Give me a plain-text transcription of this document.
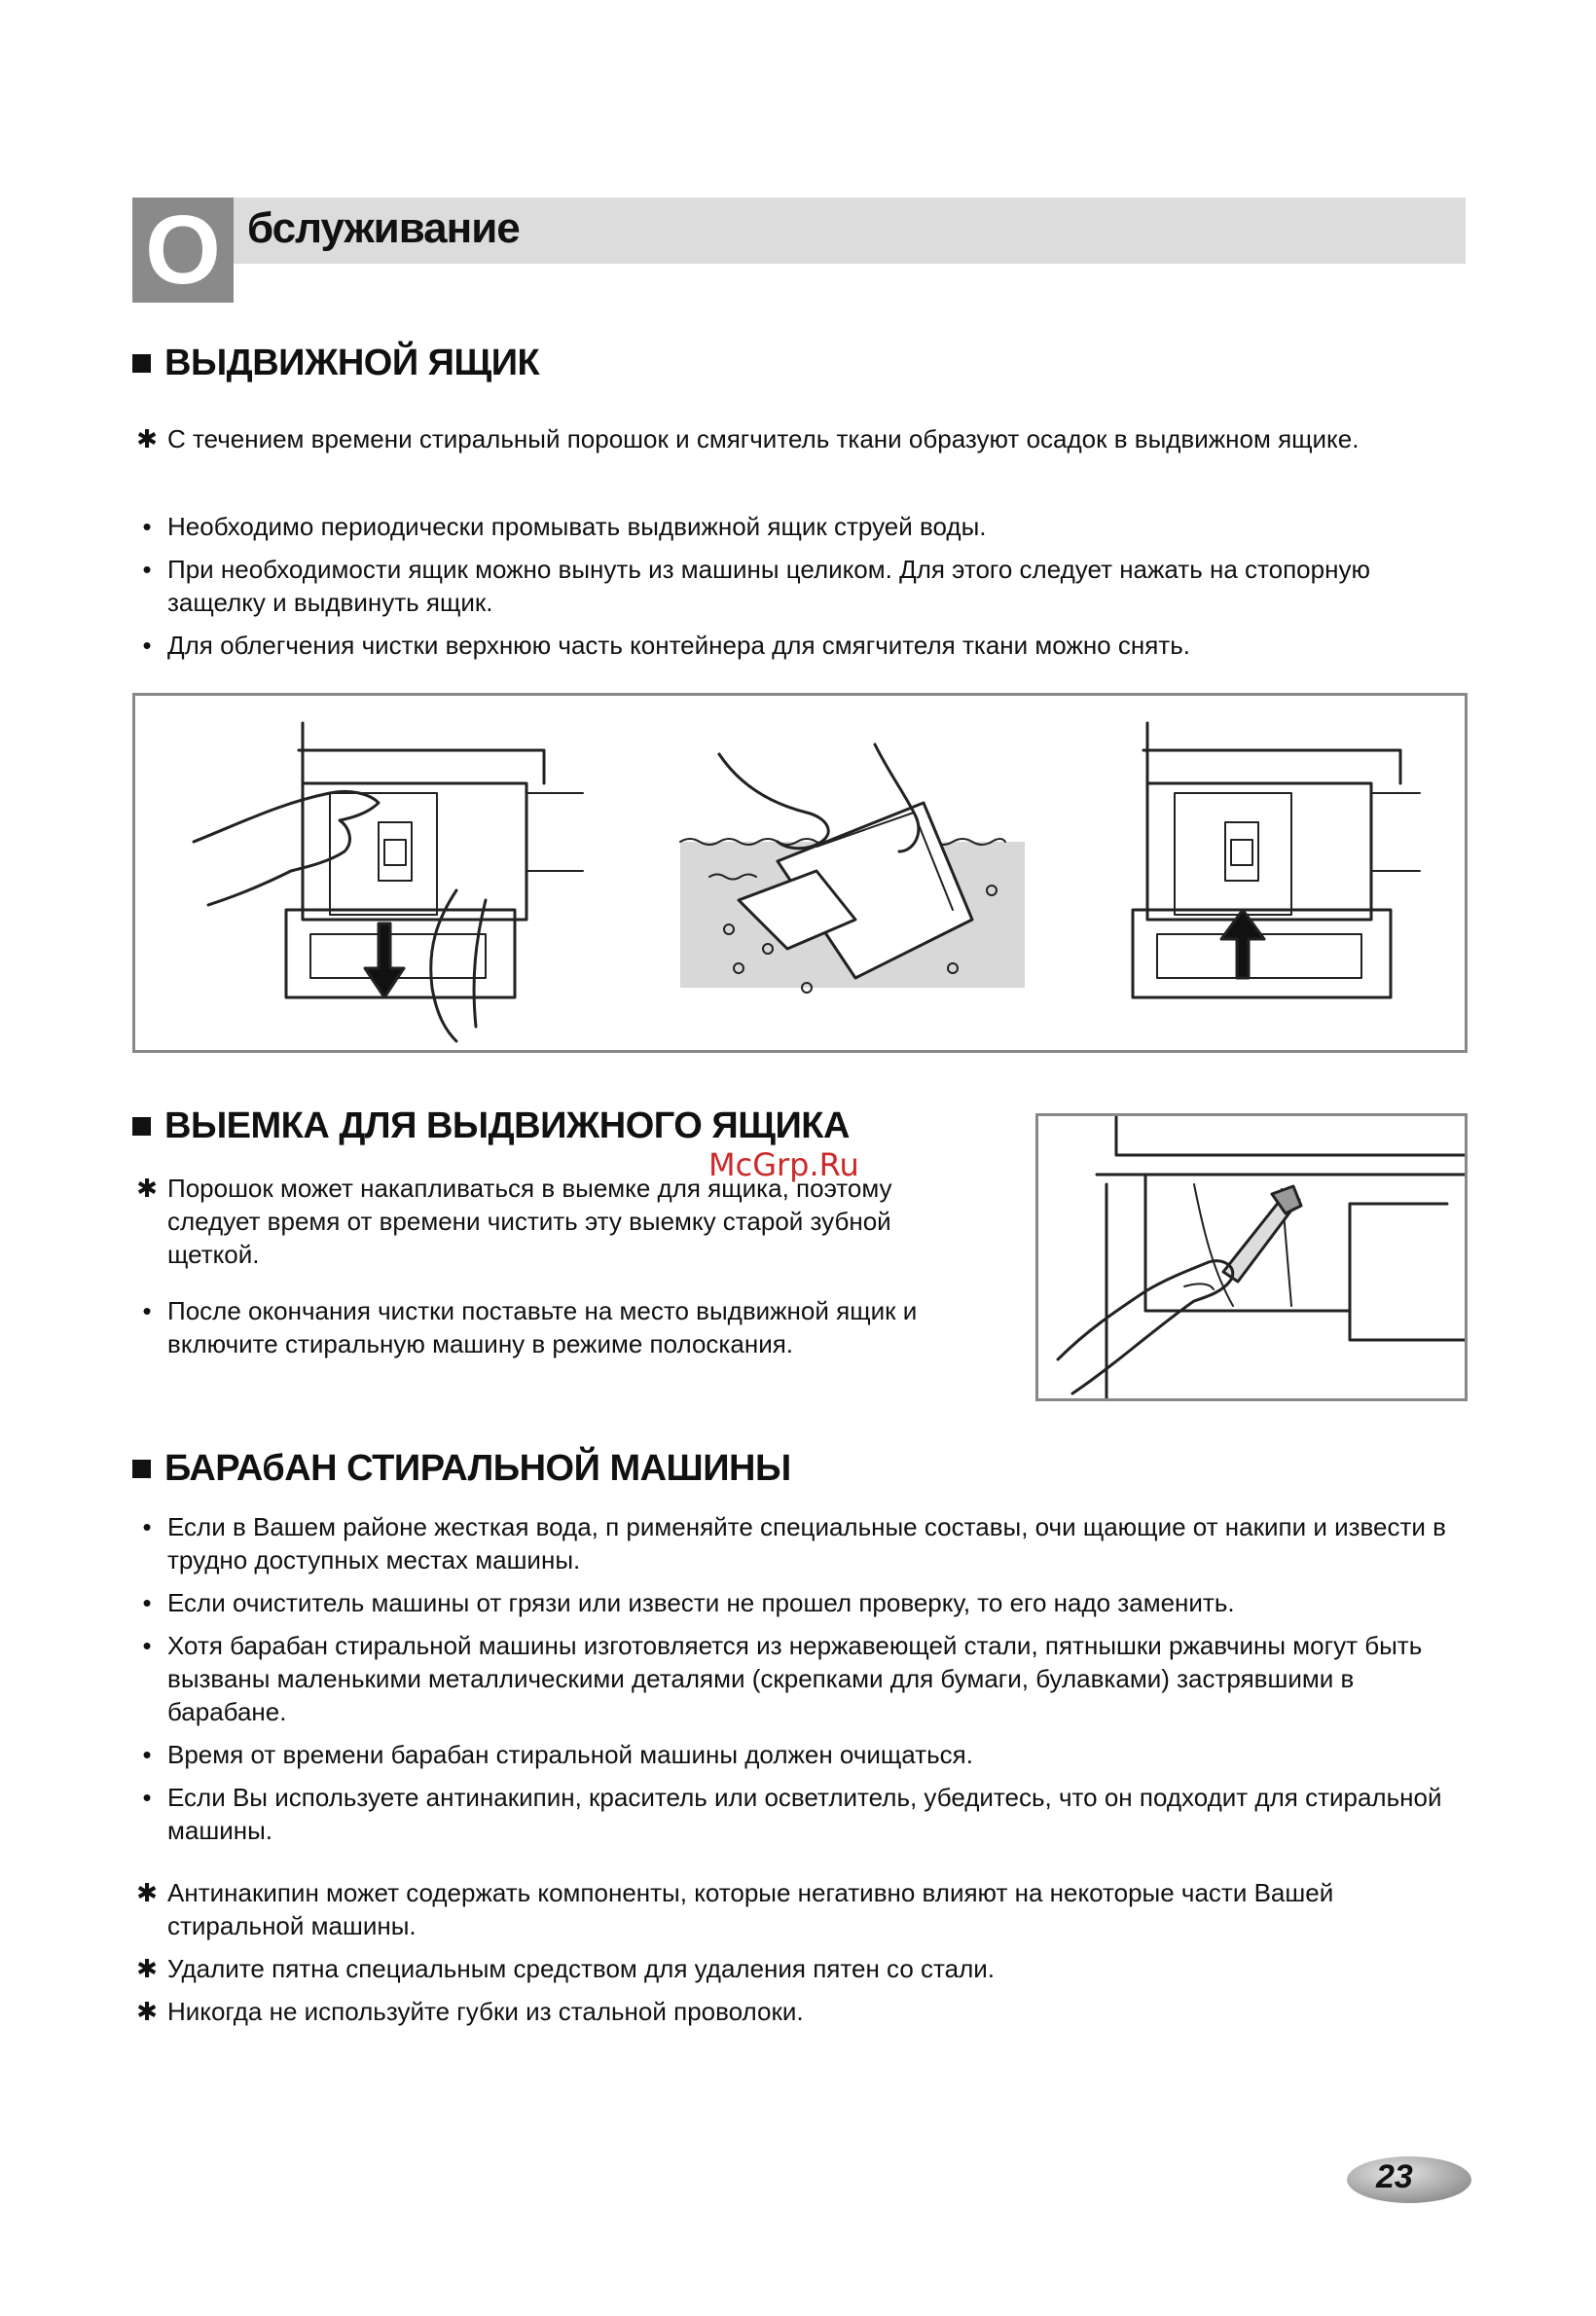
О бслуживание
ВЫДВИЖНОЙ ЯЩИК
✱ С течением времени стиральный порошок и смягчитель ткани образуют осадок в выдвижном ящике.
• Необходимо периодически промывать выдвижной ящик струей воды.
• При необходимости ящик можно вынуть из машины целиком. Для этого следует нажать на стопорную защелку и выдвинуть ящик.
• Для облегчения чистки верхнюю часть контейнера для смягчителя ткани можно снять.
ВЫЕМКА ДЛЯ ВЫДВИЖНОГО ЯЩИКА
McGrp.Ru
✱ Порошок может накапливаться в выемке для ящика, поэтому следует время от времени чистить эту выемку старой зубной щеткой.
• После окончания чистки поставьте на место выдвижной ящик и включите стиральную машину в режиме полоскания.
БАРАбАН СТИРАЛЬНОЙ МАШИНЫ
• Если в Вашем районе жесткая вода, п рименяйте специальные составы, очи щающие от накипи и извести в трудно доступных местах машины.
• Если очиститель машины от грязи или извести не прошел проверку, то его надо заменить.
• Хотя барабан стиральной машины изготовляется из нержавеющей стали, пятнышки ржавчины могут быть вызваны маленькими металлическими деталями (скрепками для бумаги, булавками) застрявшими в барабане.
• Время от времени барабан стиральной машины должен очищаться.
• Если Вы используете антинакипин, краситель или осветлитель, убедитесь, что он подходит для стиральной машины.
✱ Антинакипин может содержать компоненты, которые негативно влияют на некоторые части Вашей стиральной машины.
✱ Удалите пятна специальным средством для удаления пятен со стали.
✱ Никогда не используйте губки из стальной проволоки.
23
